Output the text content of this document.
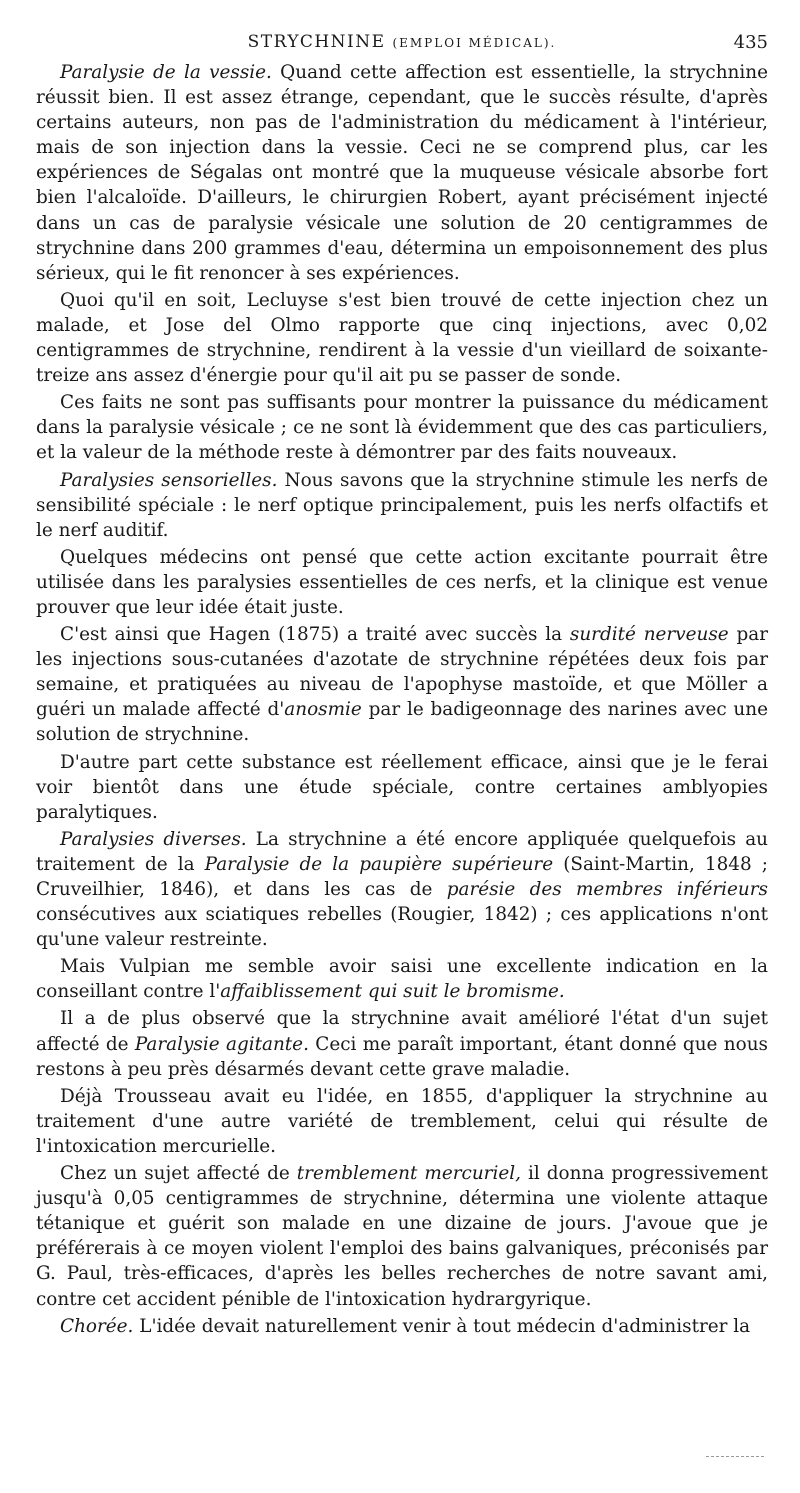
STRYCHNINE (EMPLOI MÉDICAL).	435

Paralysie de la vessie. Quand cette affection est essentielle, la strychnine réussit bien. Il est assez étrange, cependant, que le succès résulte, d'après certains auteurs, non pas de l'administration du médicament à l'intérieur, mais de son injection dans la vessie. Ceci ne se comprend plus, car les expériences de Ségalas ont montré que la muqueuse vésicale absorbe fort bien l'alcaloïde. D'ailleurs, le chirurgien Robert, ayant précisément injecté dans un cas de paralysie vésicale une solution de 20 centigrammes de strychnine dans 200 grammes d'eau, détermina un empoisonnement des plus sérieux, qui le fit renoncer à ses expériences.

Quoi qu'il en soit, Lecluyse s'est bien trouvé de cette injection chez un malade, et Jose del Olmo rapporte que cinq injections, avec 0,02 centigrammes de strychnine, rendirent à la vessie d'un vieillard de soixante-treize ans assez d'énergie pour qu'il ait pu se passer de sonde.

Ces faits ne sont pas suffisants pour montrer la puissance du médicament dans la paralysie vésicale ; ce ne sont là évidemment que des cas particuliers, et la valeur de la méthode reste à démontrer par des faits nouveaux.

Paralysies sensorielles. Nous savons que la strychnine stimule les nerfs de sensibilité spéciale : le nerf optique principalement, puis les nerfs olfactifs et le nerf auditif.

Quelques médecins ont pensé que cette action excitante pourrait être utilisée dans les paralysies essentielles de ces nerfs, et la clinique est venue prouver que leur idée était juste.

C'est ainsi que Hagen (1875) a traité avec succès la surdité nerveuse par les injections sous-cutanées d'azotate de strychnine répétées deux fois par semaine, et pratiquées au niveau de l'apophyse mastoïde, et que Möller a guéri un malade affecté d'anosmie par le badigeonnage des narines avec une solution de strychnine.

D'autre part cette substance est réellement efficace, ainsi que je le ferai voir bientôt dans une étude spéciale, contre certaines amblyopies paralytiques.

Paralysies diverses. La strychnine a été encore appliquée quelquefois au traitement de la Paralysie de la paupière supérieure (Saint-Martin, 1848 ; Cruveilhier, 1846), et dans les cas de parésie des membres inférieurs consécutives aux sciatiques rebelles (Rougier, 1842) ; ces applications n'ont qu'une valeur restreinte.

Mais Vulpian me semble avoir saisi une excellente indication en la conseillant contre l'affaiblissement qui suit le bromisme.

Il a de plus observé que la strychnine avait amélioré l'état d'un sujet affecté de Paralysie agitante. Ceci me paraît important, étant donné que nous restons à peu près désarmés devant cette grave maladie.

Déjà Trousseau avait eu l'idée, en 1855, d'appliquer la strychnine au traitement d'une autre variété de tremblement, celui qui résulte de l'intoxication mercurielle.

Chez un sujet affecté de tremblement mercuriel, il donna progressivement jusqu'à 0,05 centigrammes de strychnine, détermina une violente attaque tétanique et guérit son malade en une dizaine de jours. J'avoue que je préférerais à ce moyen violent l'emploi des bains galvaniques, préconisés par G. Paul, très-efficaces, d'après les belles recherches de notre savant ami, contre cet accident pénible de l'intoxication hydrargyrique.

Chorée. L'idée devait naturellement venir à tout médecin d'administrer la
